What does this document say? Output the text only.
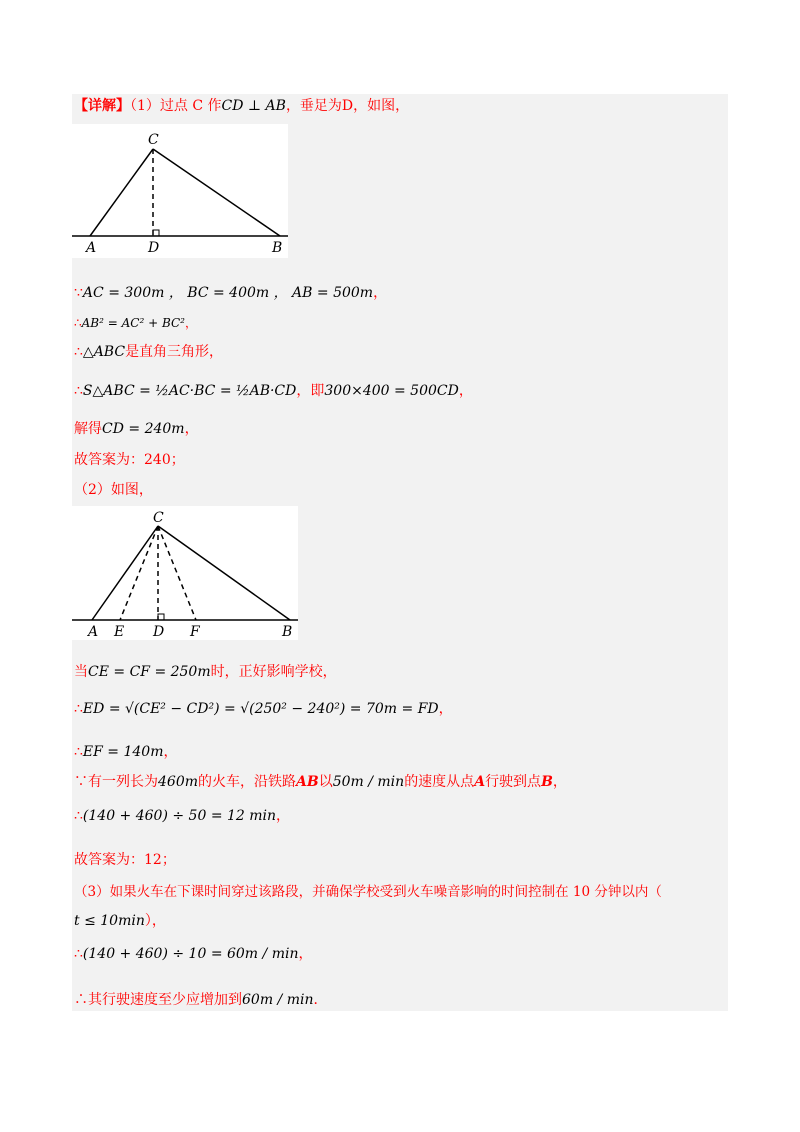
【详解】（1）过点 C 作CD ⊥ AB，垂足为D，如图，
C
A	D	B
∵AC = 300m ， BC = 400m ， AB = 500m，
∴AB² = AC² + BC²，
∴△ABC是直角三角形，
∴S△ABC = ½AC·BC = ½AB·CD，即300×400 = 500CD，
解得CD = 240m，
故答案为：240；
（2）如图，
C
A E D F	B
当CE = CF = 250m时，正好影响学校，
∴ED = √(CE² − CD²) = √(250² − 240²) = 70m = FD，
∴EF = 140m，
∵有一列长为460m的火车，沿铁路AB以50m / min的速度从点A行驶到点B，
∴(140 + 460) ÷ 50 = 12 min，
故答案为：12；
（3）如果火车在下课时间穿过该路段，并确保学校受到火车噪音影响的时间控制在 10 分钟以内（
t ≤ 10min），
∴(140 + 460) ÷ 10 = 60m / min，
∴其行驶速度至少应增加到60m / min．
